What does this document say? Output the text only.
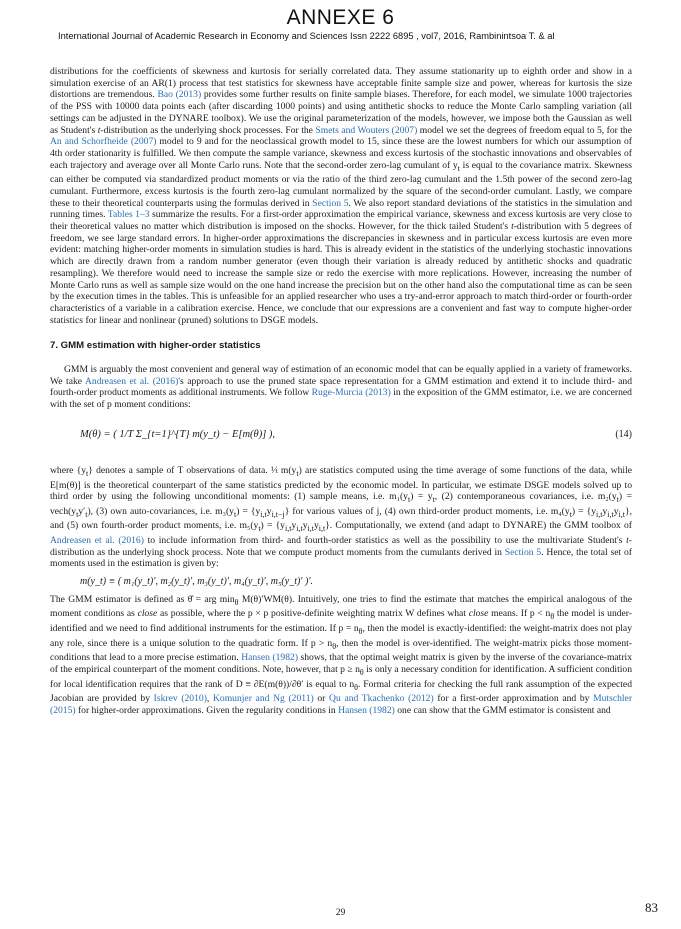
ANNEXE 6
International Journal of Academic Research in Economy and Sciences Issn 2222 6895 , vol7, 2016, Rambinintsoa T. & al

distributions for the coefficients of skewness and kurtosis for serially correlated data. They assume stationarity up to eighth order and show in a simulation exercise of an AR(1) process that test statistics for skewness have acceptable finite sample size and power, whereas for kurtosis the size distortions are tremendous. Bao (2013) provides some further results on finite sample biases. Therefore, for each model, we simulate 1000 trajectories of the PSS with 10000 data points each (after discarding 1000 points) and using antithetic shocks to reduce the Monte Carlo sampling variation (all settings can be adjusted in the DYNARE toolbox). We use the original parameterization of the models, however, we impose both the Gaussian as well as Student's t-distribution as the underlying shock processes. For the Smets and Wouters (2007) model we set the degrees of freedom equal to 5, for the An and Schorfheide (2007) model to 9 and for the neoclassical growth model to 15, since these are the lowest numbers for which our assumption of 4th order stationarity is fulfilled. We then compute the sample variance, skewness and excess kurtosis of the stochastic innovations and observables of each trajectory and average over all Monte Carlo runs. Note that the second-order zero-lag cumulant of $y_t$ is equal to the covariance matrix. Skewness can either be computed via standardized product moments or via the ratio of the third zero-lag cumulant and the 1.5th power of the second zero-lag cumulant. Furthermore, excess kurtosis is the fourth zero-lag cumulant normalized by the square of the second-order cumulant. Lastly, we compare these to their theoretical counterparts using the formulas derived in Section 5. We also report standard deviations of the statistics in the simulation and running times. Tables 1–3 summarize the results. For a first-order approximation the empirical variance, skewness and excess kurtosis are very close to their theoretical values no matter which distribution is imposed on the shocks. However, for the thick tailed Student's t-distribution with 5 degrees of freedom, we see large standard errors. In higher-order approximations the discrepancies in skewness and in particular excess kurtosis are even more evident: matching higher-order moments in simulation studies is hard. This is already evident in the statistics of the underlying stochastic innovations which are directly drawn from a random number generator (even though their variation is already reduced by antithetic shocks and quadratic resampling). We therefore would need to increase the sample size or redo the exercise with more replications. However, increasing the number of Monte Carlo runs as well as sample size would on the one hand increase the precision but on the other hand also the computational time as can be seen by the execution times in the tables. This is unfeasible for an applied researcher who uses a try-and-error approach to match third-order or fourth-order characteristics of a variable in a calibration exercise. Hence, we conclude that our expressions are a convenient and fast way to compute higher-order statistics for linear and nonlinear (pruned) solutions to DSGE models.

7. GMM estimation with higher-order statistics

GMM is arguably the most convenient and general way of estimation of an economic model that can be equally applied in a variety of frameworks. We take Andreasen et al. (2016)'s approach to use the pruned state space representation for a GMM estimation and extend it to include third- and fourth-order product moments as additional instruments. We follow Ruge-Murcia (2013) in the exposition of the GMM estimator, i.e. we are concerned with the set of p moment conditions:

M(θ) = ( 1/T Σ_{t=1}^{T} m(y_t) − E[m(θ)] ),	(14)

where $\{y_t\}$ denotes a sample of T observations of data. ¹⁄ₜ $m(y_t)$ are statistics computed using the time average of some functions of the data, while E[m(θ)] is the theoretical counterpart of the same statistics predicted by the economic model. In particular, we estimate DSGE models solved up to third order by using the following unconditional moments: (1) sample means, i.e. $m_1(y_t) = y_t$, (2) contemporaneous covariances, i.e. $m_2(y_t)$ = $vech(y_ty'_t)$, (3) own auto-covariances, i.e. $m_3(y_t) = \{y_{i,t}y_{i,t-j}\}$ for various values of j, (4) own third-order product moments, i.e. $m_4(y_t) = \{y_{i,t}y_{i,t}y_{i,t}\}$, and (5) own fourth-order product moments, i.e. $m_5(y_t) = \{y_{i,t}y_{i,t}y_{i,t}y_{i,t}\}$. Computationally, we extend (and adapt to DYNARE) the GMM toolbox of Andreasen et al. (2016) to include information from third- and fourth-order statistics as well as the possibility to use the multivariate Student's t-distribution as the underlying shock process. Note that we compute product moments from the cumulants derived in Section 5. Hence, the total set of moments used in the estimation is given by:

m(y_t) ≡ ( m₁(y_t)′, m₂(y_t)′, m₃(y_t)′, m₄(y_t)′, m₅(y_t)′ )′.

The GMM estimator is defined as θ̂ = arg $\min_\theta M(\theta)'WM(\theta)$. Intuitively, one tries to find the estimate that matches the empirical analogous of the moment conditions as close as possible, where the p × p positive-definite weighting matrix W defines what close means. If $p < n_\theta$ the model is under-identified and we need to find additional instruments for the estimation. If $p = n_\theta$, then the model is exactly-identified: the weight-matrix does not play any role, since there is a unique solution to the quadratic form. If $p > n_\theta$, then the model is over-identified. The weight-matrix picks those moment-conditions that lead to a more precise estimation. Hansen (1982) shows, that the optimal weight matrix is given by the inverse of the covariance-matrix of the empirical counterpart of the moment conditions. Note, however, that $p \ge n_\theta$ is only a necessary condition for identification. A sufficient condition for local identification requires that the rank of D ≡ ∂E(m(θ))/∂θ′ is equal to $n_\theta$. Formal criteria for checking the full rank assumption of the expected Jacobian are provided by Iskrev (2010), Komunjer and Ng (2011) or Qu and Tkachenko (2012) for a first-order approximation and by Mutschler (2015) for higher-order approximations. Given the regularity conditions in Hansen (1982) one can show that the GMM estimator is consistent and

29	83
